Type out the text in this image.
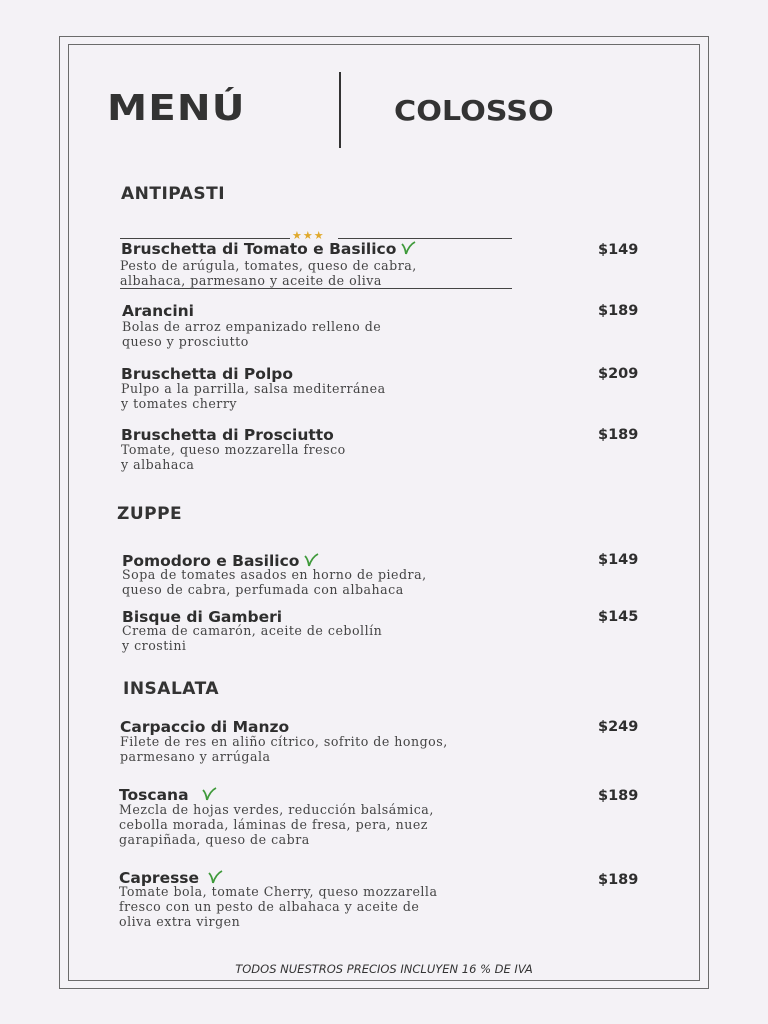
MENÚ	COLOSSO
ANTIPASTI
ZUPPE
INSALATA
★★★
Bruschetta di Tomato e Basilico	$149
Pesto de arúgula, tomates, queso de cabra,
albahaca, parmesano y aceite de oliva
Arancini	$189
Bolas de arroz empanizado relleno de
queso y prosciutto
Bruschetta di Polpo	$209
Pulpo a la parrilla, salsa mediterránea
y tomates cherry
Bruschetta di Prosciutto	$189
Tomate, queso mozzarella fresco
y albahaca
Pomodoro e Basilico	$149
Sopa de tomates asados en horno de piedra,
queso de cabra, perfumada con albahaca
Bisque di Gamberi	$145
Crema de camarón, aceite de cebollín
y crostini
Carpaccio di Manzo	$249
Filete de res en aliño cítrico, sofrito de hongos,
parmesano y arrúgala
Toscana	$189
Mezcla de hojas verdes, reducción balsámica,
cebolla morada, láminas de fresa, pera, nuez
garapiñada, queso de cabra
Capresse	$189
Tomate bola, tomate Cherry, queso mozzarella
fresco con un pesto de albahaca y aceite de
oliva extra virgen
TODOS NUESTROS PRECIOS INCLUYEN 16 % DE IVA
